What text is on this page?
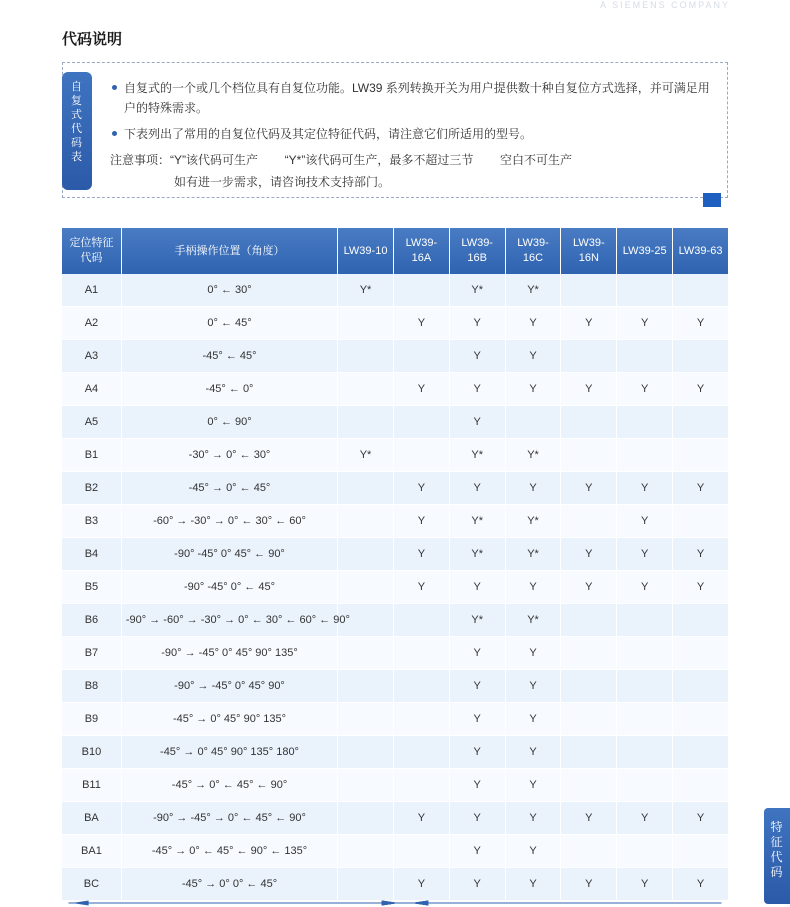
A SIEMENS COMPANY
代码说明
自
复
式
代
码
表
自复式的一个或几个档位具有自复位功能。LW39 系列转换开关为用户提供数十种自复位方式选择，并可满足用户的特殊需求。
下表列出了常用的自复位代码及其定位特征代码，请注意它们所适用的型号。
注意事项：“Y”该代码可生产        “Y*”该代码可生产，最多不超过三节        空白不可生产
如有进一步需求，请咨询技术支持部门。
定位特征代码	手柄操作位置（角度）	LW39-10	LW39-16A	LW39-16B	LW39-16C	LW39-16N	LW39-25	LW39-63
A1	0° ← 30°	Y*		Y*	Y*			
A2	0° ← 45°		Y	Y	Y	Y	Y	Y
A3	-45° ← 45°			Y	Y			
A4	-45° ← 0°		Y	Y	Y	Y	Y	Y
A5	0° ← 90°			Y				
B1	-30° → 0° ← 30°	Y*		Y*	Y*			
B2	-45° → 0° ← 45°		Y	Y	Y	Y	Y	Y
B3	-60° → -30° → 0° ← 30° ← 60°		Y	Y*	Y*		Y	
B4	-90° -45° 0° 45° ← 90°		Y	Y*	Y*	Y	Y	Y
B5	-90° -45° 0° ← 45°		Y	Y	Y	Y	Y	Y
B6	-90° → -60° → -30° → 0° ← 30° ← 60° ← 90°			Y*	Y*			
B7	-90° → -45° 0° 45° 90° 135°			Y	Y			
B8	-90° → -45° 0° 45° 90°			Y	Y			
B9	-45° → 0° 45° 90° 135°			Y	Y			
B10	-45° → 0° 45° 90° 135° 180°			Y	Y			
B11	-45° → 0° ← 45° ← 90°			Y	Y			
BA	-90° → -45° → 0° ← 45° ← 90°		Y	Y	Y	Y	Y	Y
BA1	-45° → 0° ← 45° ← 90° ← 135°			Y	Y			
BC	-45° → 0° 0° ← 45°		Y	Y	Y	Y	Y	Y
特
征
代
码
